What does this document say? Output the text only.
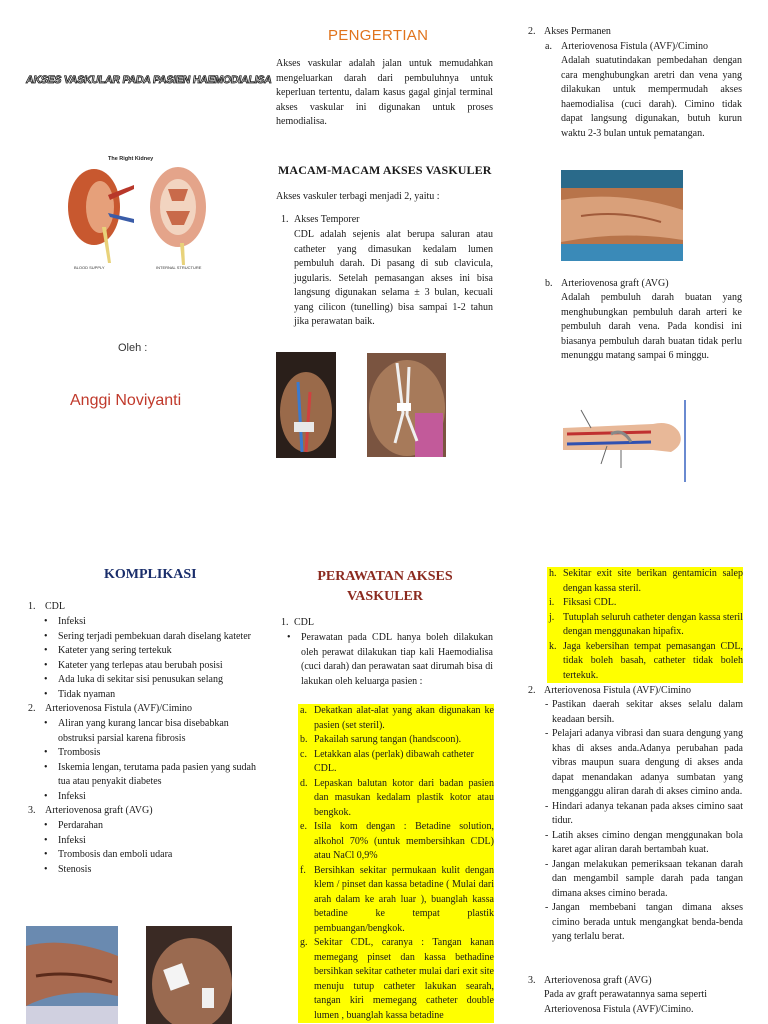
AKSES VASKULAR PADA PASIEN HAEMODIALISA
The Right Kidney
BLOOD SUPPLY	INTERNAL STRUCTURE
Oleh :
Anggi Noviyanti
PENGERTIAN

Akses vaskular adalah jalan untuk memudahkan mengeluarkan darah dari pembuluhnya untuk keperluan tertentu, dalam kasus gagal ginjal terminal akses vaskular ini digunakan untuk proses hemodialisa.

MACAM-MACAM AKSES VASKULER

Akses vaskuler terbagi menjadi 2, yaitu :

1. Akses Temporer

CDL adalah sejenis alat berupa saluran atau catheter yang dimasukan kedalam lumen pembuluh darah. Di pasang di sub clavicula, jugularis. Setelah pemasangan akses ini bisa langsung digunakan selama ± 3 bulan, kecuali yang cilicon (tunelling) bisa sampai 1-2 tahun jika perawatan baik.

2. Akses Permanen
a. Arteriovenosa Fistula (AVF)/Cimino

Adalah suatutindakan pembedahan dengan cara menghubungkan aretri dan vena yang dilakukan untuk mempermudah akses haemodialisa (cuci darah). Cimino tidak dapat langsung digunakan, butuh kurun waktu 2-3 bulan untuk pematangan.

b. Arteriovenosa graft (AVG)

Adalah pembuluh darah buatan yang menghubungkan pembuluh darah arteri ke pembuluh darah vena. Pada kondisi ini biasanya pembuluh darah buatan tidak perlu menunggu matang sampai 6 minggu.

KOMPLIKASI
1. CDL
• Infeksi
• Sering terjadi pembekuan darah diselang kateter
• Kateter yang sering tertekuk
• Kateter yang terlepas atau berubah posisi
• Ada luka di sekitar sisi penusukan selang
• Tidak nyaman
2. Arteriovenosa Fistula (AVF)/Cimino
• Aliran yang kurang lancar bisa disebabkan obstruksi parsial karena fibrosis
• Trombosis
• Iskemia lengan, terutama pada pasien yang sudah tua atau penyakit diabetes
• Infeksi
3. Arteriovenosa graft (AVG)
• Perdarahan
• Infeksi
• Trombosis dan emboli udara
• Stenosis
PERAWATAN AKSES
VASKULER
1. CDL

• Perawatan pada CDL hanya boleh dilakukan oleh perawat dilakukan tiap kali Haemodialisa (cuci darah) dan perawatan saat dirumah bisa di lakukan oleh keluarga pasien :

a. Dekatkan alat-alat yang akan digunakan ke pasien (set steril).
b. Pakailah sarung tangan (handscoon).
c. Letakkan alas (perlak) dibawah catheter CDL.
d. Lepaskan balutan kotor dari badan pasien dan masukan kedalam plastik kotor atau bengkok.
e. Isila kom dengan : Betadine solution, alkohol 70% (untuk membersihkan CDL) atau NaCl 0,9%
f. Bersihkan sekitar permukaan kulit dengan klem / pinset dan kassa betadine ( Mulai dari arah dalam ke arah luar ), buanglah kassa betadine ke tempat plastik pembuangan/bengkok.
g. Sekitar CDL, caranya : Tangan kanan memegang pinset dan kassa bethadine bersihkan sekitar catheter mulai dari exit site menuju tutup catheter lakukan searah, tangan kiri memegang catheter double lumen , buanglah kassa betadine
h. Sekitar exit site berikan gentamicin salep dengan kassa steril.
i. Fiksasi CDL.
j. Tutuplah seluruh catheter dengan kassa steril dengan menggunakan hipafix.
k. Jaga kebersihan tempat pemasangan CDL, tidak boleh basah, catheter tidak boleh tertekuk.
2. Arteriovenosa Fistula (AVF)/Cimino
- Pastikan daerah sekitar akses selalu dalam keadaan bersih.
- Pelajari adanya vibrasi dan suara dengung yang khas di akses anda.Adanya perubahan pada vibras maupun suara dengung di akses anda dapat menandakan adanya sumbatan yang mengganggu aliran darah di akses cimino anda.
- Hindari adanya tekanan pada akses cimino saat tidur.
- Latih akses cimino dengan menggunakan bola karet agar aliran darah bertambah kuat.
- Jangan melakukan pemeriksaan tekanan darah dan mengambil sample darah pada tangan dimana akses cimino berada.
- Jangan membebani tangan dimana akses cimino berada untuk mengangkat benda-benda yang terlalu berat.
3. Arteriovenosa graft (AVG)

Pada av graft perawatannya sama seperti Arteriovenosa Fistula (AVF)/Cimino.
